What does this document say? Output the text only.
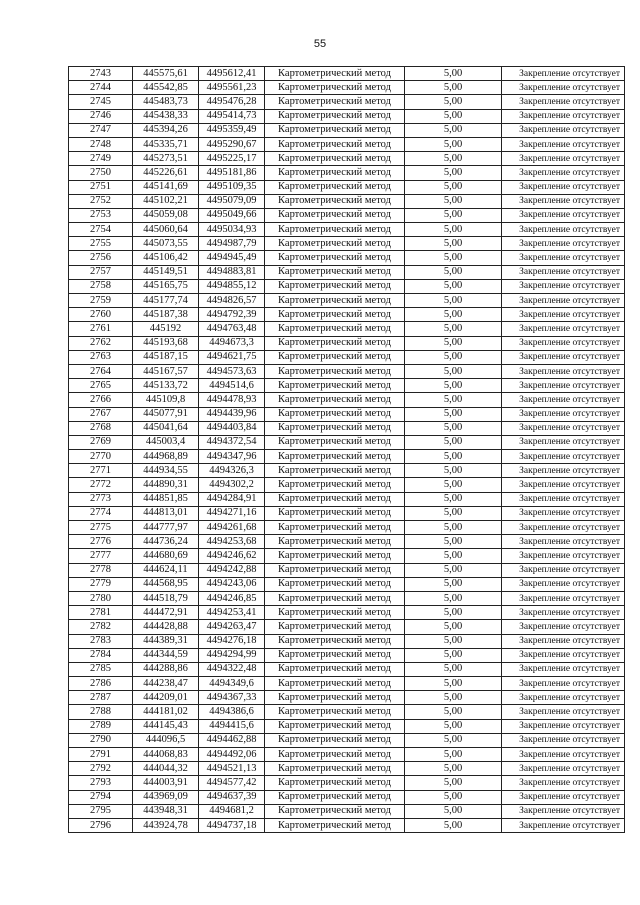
55
2743	445575,61	4495612,41	Картометрический метод	5,00	Закрепление отсутствует
2744	445542,85	4495561,23	Картометрический метод	5,00	Закрепление отсутствует
2745	445483,73	4495476,28	Картометрический метод	5,00	Закрепление отсутствует
2746	445438,33	4495414,73	Картометрический метод	5,00	Закрепление отсутствует
2747	445394,26	4495359,49	Картометрический метод	5,00	Закрепление отсутствует
2748	445335,71	4495290,67	Картометрический метод	5,00	Закрепление отсутствует
2749	445273,51	4495225,17	Картометрический метод	5,00	Закрепление отсутствует
2750	445226,61	4495181,86	Картометрический метод	5,00	Закрепление отсутствует
2751	445141,69	4495109,35	Картометрический метод	5,00	Закрепление отсутствует
2752	445102,21	4495079,09	Картометрический метод	5,00	Закрепление отсутствует
2753	445059,08	4495049,66	Картометрический метод	5,00	Закрепление отсутствует
2754	445060,64	4495034,93	Картометрический метод	5,00	Закрепление отсутствует
2755	445073,55	4494987,79	Картометрический метод	5,00	Закрепление отсутствует
2756	445106,42	4494945,49	Картометрический метод	5,00	Закрепление отсутствует
2757	445149,51	4494883,81	Картометрический метод	5,00	Закрепление отсутствует
2758	445165,75	4494855,12	Картометрический метод	5,00	Закрепление отсутствует
2759	445177,74	4494826,57	Картометрический метод	5,00	Закрепление отсутствует
2760	445187,38	4494792,39	Картометрический метод	5,00	Закрепление отсутствует
2761	445192	4494763,48	Картометрический метод	5,00	Закрепление отсутствует
2762	445193,68	4494673,3	Картометрический метод	5,00	Закрепление отсутствует
2763	445187,15	4494621,75	Картометрический метод	5,00	Закрепление отсутствует
2764	445167,57	4494573,63	Картометрический метод	5,00	Закрепление отсутствует
2765	445133,72	4494514,6	Картометрический метод	5,00	Закрепление отсутствует
2766	445109,8	4494478,93	Картометрический метод	5,00	Закрепление отсутствует
2767	445077,91	4494439,96	Картометрический метод	5,00	Закрепление отсутствует
2768	445041,64	4494403,84	Картометрический метод	5,00	Закрепление отсутствует
2769	445003,4	4494372,54	Картометрический метод	5,00	Закрепление отсутствует
2770	444968,89	4494347,96	Картометрический метод	5,00	Закрепление отсутствует
2771	444934,55	4494326,3	Картометрический метод	5,00	Закрепление отсутствует
2772	444890,31	4494302,2	Картометрический метод	5,00	Закрепление отсутствует
2773	444851,85	4494284,91	Картометрический метод	5,00	Закрепление отсутствует
2774	444813,01	4494271,16	Картометрический метод	5,00	Закрепление отсутствует
2775	444777,97	4494261,68	Картометрический метод	5,00	Закрепление отсутствует
2776	444736,24	4494253,68	Картометрический метод	5,00	Закрепление отсутствует
2777	444680,69	4494246,62	Картометрический метод	5,00	Закрепление отсутствует
2778	444624,11	4494242,88	Картометрический метод	5,00	Закрепление отсутствует
2779	444568,95	4494243,06	Картометрический метод	5,00	Закрепление отсутствует
2780	444518,79	4494246,85	Картометрический метод	5,00	Закрепление отсутствует
2781	444472,91	4494253,41	Картометрический метод	5,00	Закрепление отсутствует
2782	444428,88	4494263,47	Картометрический метод	5,00	Закрепление отсутствует
2783	444389,31	4494276,18	Картометрический метод	5,00	Закрепление отсутствует
2784	444344,59	4494294,99	Картометрический метод	5,00	Закрепление отсутствует
2785	444288,86	4494322,48	Картометрический метод	5,00	Закрепление отсутствует
2786	444238,47	4494349,6	Картометрический метод	5,00	Закрепление отсутствует
2787	444209,01	4494367,33	Картометрический метод	5,00	Закрепление отсутствует
2788	444181,02	4494386,6	Картометрический метод	5,00	Закрепление отсутствует
2789	444145,43	4494415,6	Картометрический метод	5,00	Закрепление отсутствует
2790	444096,5	4494462,88	Картометрический метод	5,00	Закрепление отсутствует
2791	444068,83	4494492,06	Картометрический метод	5,00	Закрепление отсутствует
2792	444044,32	4494521,13	Картометрический метод	5,00	Закрепление отсутствует
2793	444003,91	4494577,42	Картометрический метод	5,00	Закрепление отсутствует
2794	443969,09	4494637,39	Картометрический метод	5,00	Закрепление отсутствует
2795	443948,31	4494681,2	Картометрический метод	5,00	Закрепление отсутствует
2796	443924,78	4494737,18	Картометрический метод	5,00	Закрепление отсутствует
